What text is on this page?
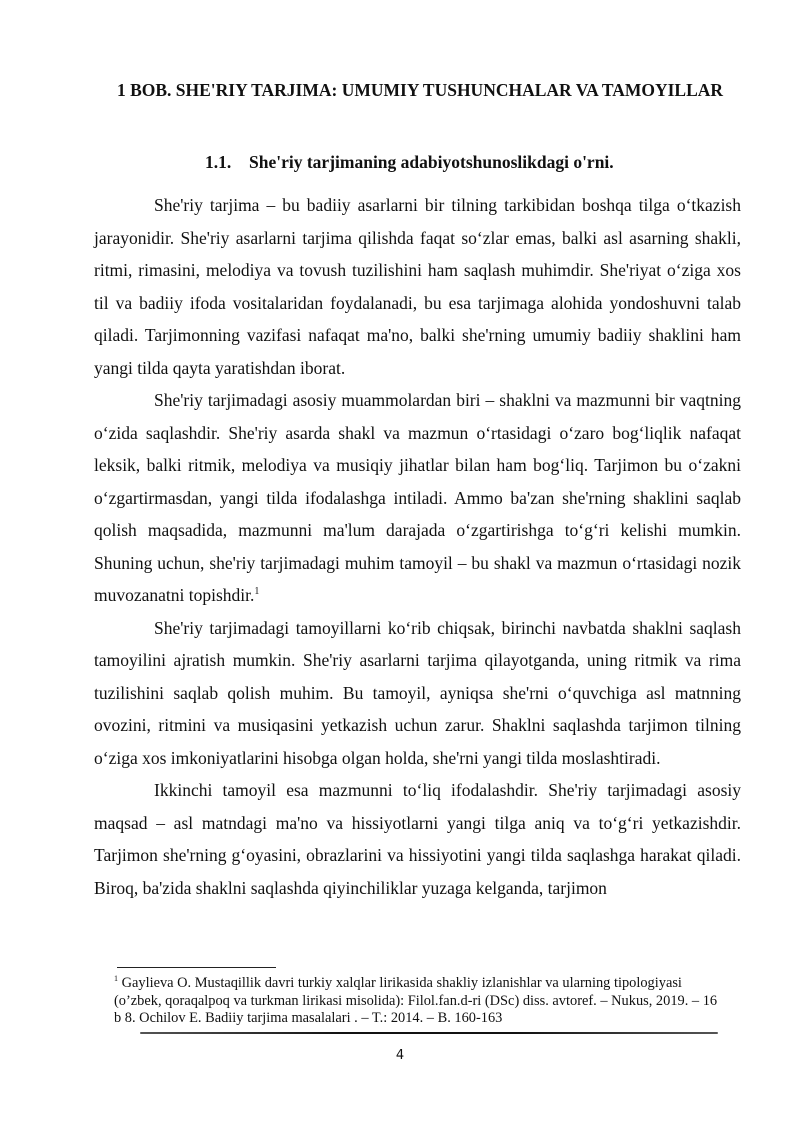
1 BOB. SHE'RIY TARJIMA: UMUMIY TUSHUNCHALAR VA TAMOYILLAR
1.1. She'riy tarjimaning adabiyotshunoslikdagi o'rni.

She'riy tarjima – bu badiiy asarlarni bir tilning tarkibidan boshqa tilga o‘tkazish jarayonidir. She'riy asarlarni tarjima qilishda faqat so‘zlar emas, balki asl asarning shakli, ritmi, rimasini, melodiya va tovush tuzilishini ham saqlash muhimdir. She'riyat o‘ziga xos til va badiiy ifoda vositalaridan foydalanadi, bu esa tarjimaga alohida yondoshuvni talab qiladi. Tarjimonning vazifasi nafaqat ma'no, balki she'rning umumiy badiiy shaklini ham yangi tilda qayta yaratishdan iborat.

She'riy tarjimadagi asosiy muammolardan biri – shaklni va mazmunni bir vaqtning o‘zida saqlashdir. She'riy asarda shakl va mazmun o‘rtasidagi o‘zaro bog‘liqlik nafaqat leksik, balki ritmik, melodiya va musiqiy jihatlar bilan ham bog‘liq. Tarjimon bu o‘zakni o‘zgartirmasdan, yangi tilda ifodalashga intiladi. Ammo ba'zan she'rning shaklini saqlab qolish maqsadida, mazmunni ma'lum darajada o‘zgartirishga to‘g‘ri kelishi mumkin. Shuning uchun, she'riy tarjimadagi muhim tamoyil – bu shakl va mazmun o‘rtasidagi nozik muvozanatni topishdir.$^1$

She'riy tarjimadagi tamoyillarni ko‘rib chiqsak, birinchi navbatda shaklni saqlash tamoyilini ajratish mumkin. She'riy asarlarni tarjima qilayotganda, uning ritmik va rima tuzilishini saqlab qolish muhim. Bu tamoyil, ayniqsa she'rni o‘quvchiga asl matnning ovozini, ritmini va musiqasini yetkazish uchun zarur. Shaklni saqlashda tarjimon tilning o‘ziga xos imkoniyatlarini hisobga olgan holda, she'rni yangi tilda moslashtiradi.

Ikkinchi tamoyil esa mazmunni to‘liq ifodalashdir. She'riy tarjimadagi asosiy maqsad – asl matndagi ma'no va hissiyotlarni yangi tilga aniq va to‘g‘ri yetkazishdir. Tarjimon she'rning g‘oyasini, obrazlarini va hissiyotini yangi tilda saqlashga harakat qiladi. Biroq, ba'zida shaklni saqlashda qiyinchiliklar yuzaga kelganda, tarjimon

$^1$ Gaylieva O. Mustaqillik davri turkiy xalqlar lirikasida shakliy izlanishlar va ularning tipologiyasi (o’zbek, qoraqalpoq va turkman lirikasi misolida): Filol.fan.d-ri (DSc) diss. avtoref. – Nukus, 2019. – 16 b 8. Ochilov E. Badiiy tarjima masalalari . – T.: 2014. – B. 160-163
4
